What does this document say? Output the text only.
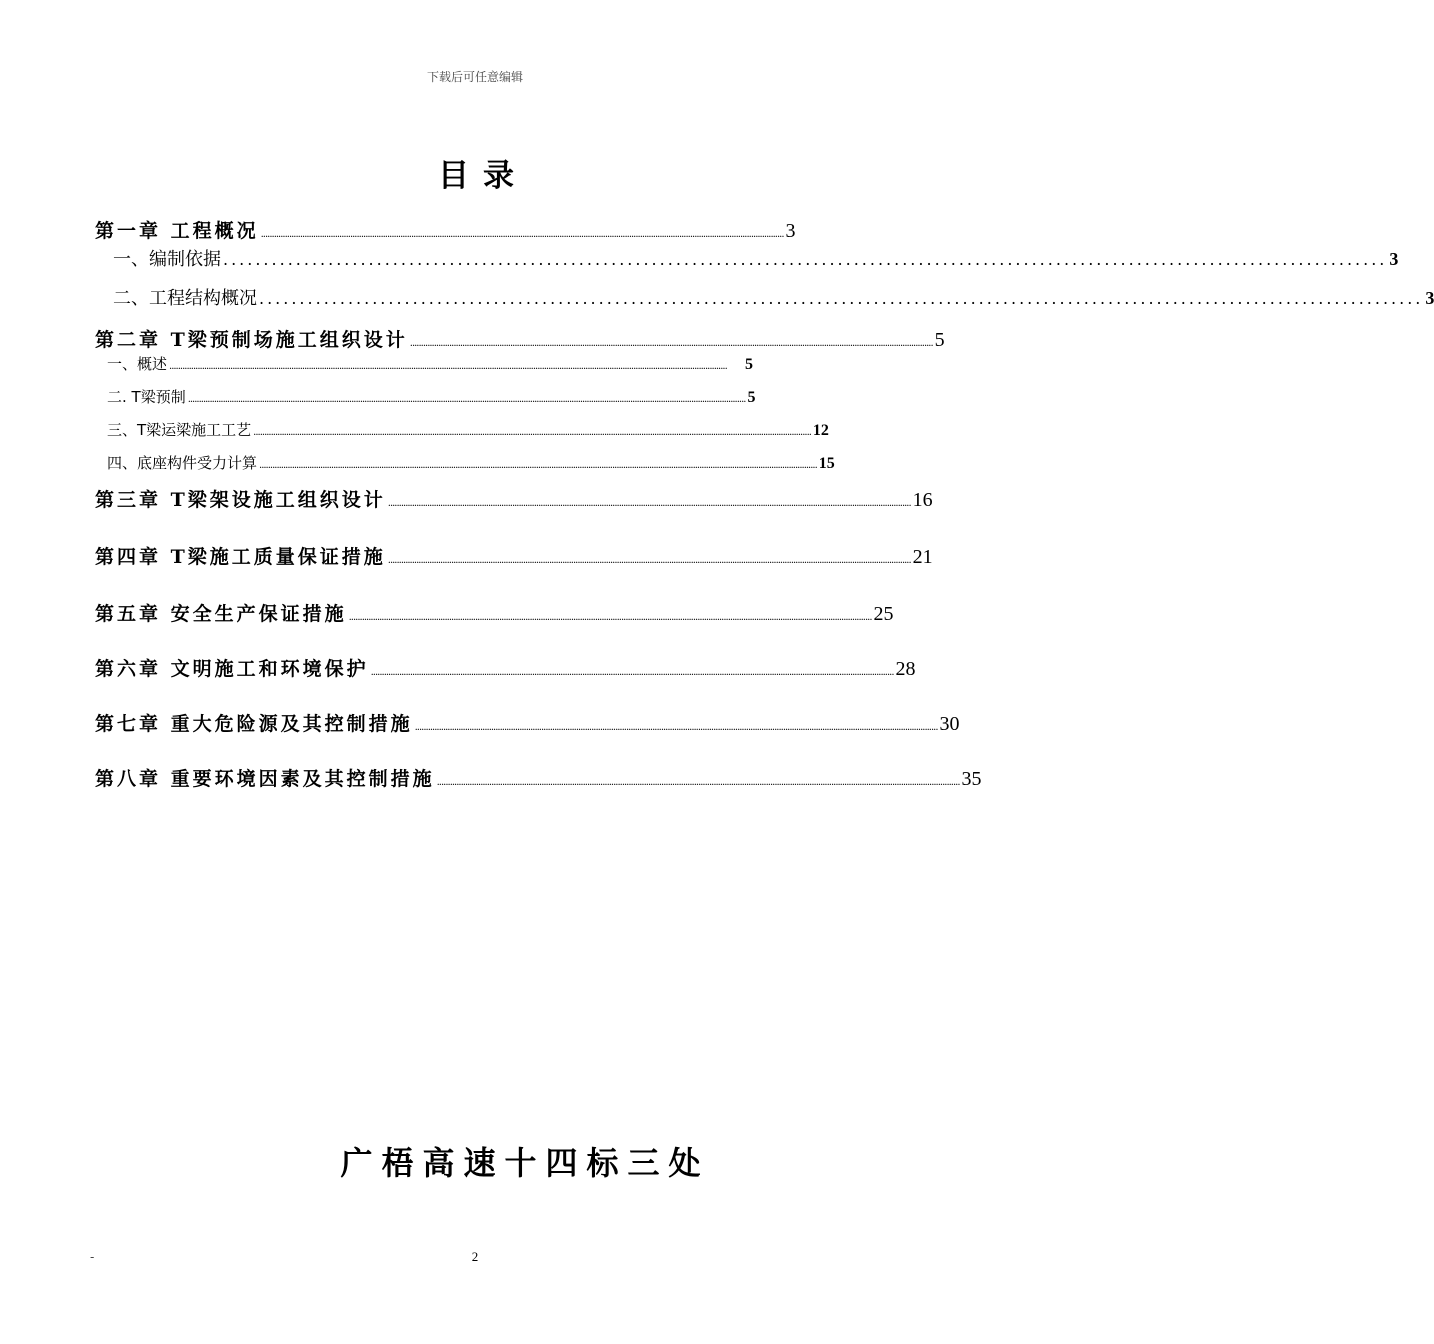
下载后可任意编辑
目录
第一章 工程概况 ................................................................................................................................................................................................................................................ 3
一、编制依据 ................................................................................................................................................ 3
二、工程结构概况 ................................................................................................................................................ 3
第二章 T梁预制场施工组织设计 ................................................................................................................................................................................................................................................ 5
一、概述 ................................................................................................................................................................................................................................................................	5
二. T梁预制 ................................................................................................................................................................................................................................................................ 5
三、T梁运梁施工工艺 ................................................................................................................................................................................................................................................................ 12
四、底座构件受力计算 ................................................................................................................................................................................................................................................................ 15
第三章 T梁架设施工组织设计 ................................................................................................................................................................................................................................................ 16
第四章 T梁施工质量保证措施 ................................................................................................................................................................................................................................................ 21
第五章 安全生产保证措施 ................................................................................................................................................................................................................................................ 25
第六章 文明施工和环境保护 ................................................................................................................................................................................................................................................ 28
第七章 重大危险源及其控制措施 ................................................................................................................................................................................................................................................ 30
第八章 重要环境因素及其控制措施 ................................................................................................................................................................................................................................................ 35
广梧高速十四标三处
-	2
